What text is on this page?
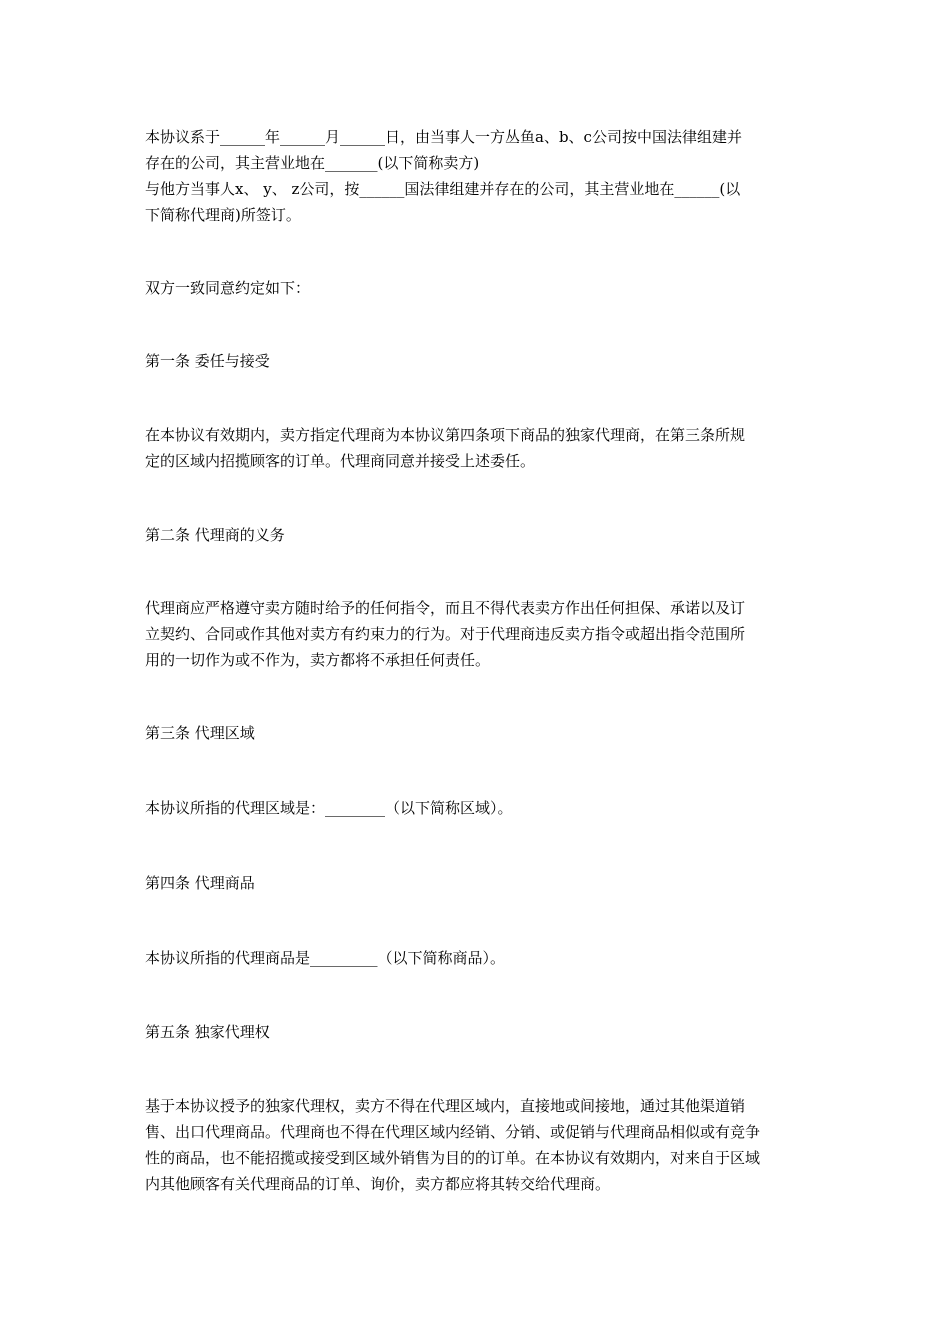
本协议系于______年______月______日，由当事人一方丛鱼a、b、c公司按中国法律组建并
存在的公司，其主营业地在_______(以下简称卖方)
与他方当事人x、 y、 z公司，按______国法律组建并存在的公司，其主营业地在______(以
下简称代理商)所签订。
双方一致同意约定如下：
第一条 委任与接受
在本协议有效期内，卖方指定代理商为本协议第四条项下商品的独家代理商，在第三条所规
定的区域内招揽顾客的订单。代理商同意并接受上述委任。
第二条 代理商的义务
代理商应严格遵守卖方随时给予的任何指令，而且不得代表卖方作出任何担保、承诺以及订
立契约、合同或作其他对卖方有约束力的行为。对于代理商违反卖方指令或超出指令范围所
用的一切作为或不作为，卖方都将不承担任何责任。
第三条 代理区域
本协议所指的代理区域是：________（以下简称区域）。
第四条 代理商品
本协议所指的代理商品是_________（以下简称商品）。
第五条 独家代理权
基于本协议授予的独家代理权，卖方不得在代理区域内，直接地或间接地，通过其他渠道销
售、出口代理商品。代理商也不得在代理区域内经销、分销、或促销与代理商品相似或有竞争
性的商品，也不能招揽或接受到区域外销售为目的的订单。在本协议有效期内，对来自于区域
内其他顾客有关代理商品的订单、询价，卖方都应将其转交给代理商。
